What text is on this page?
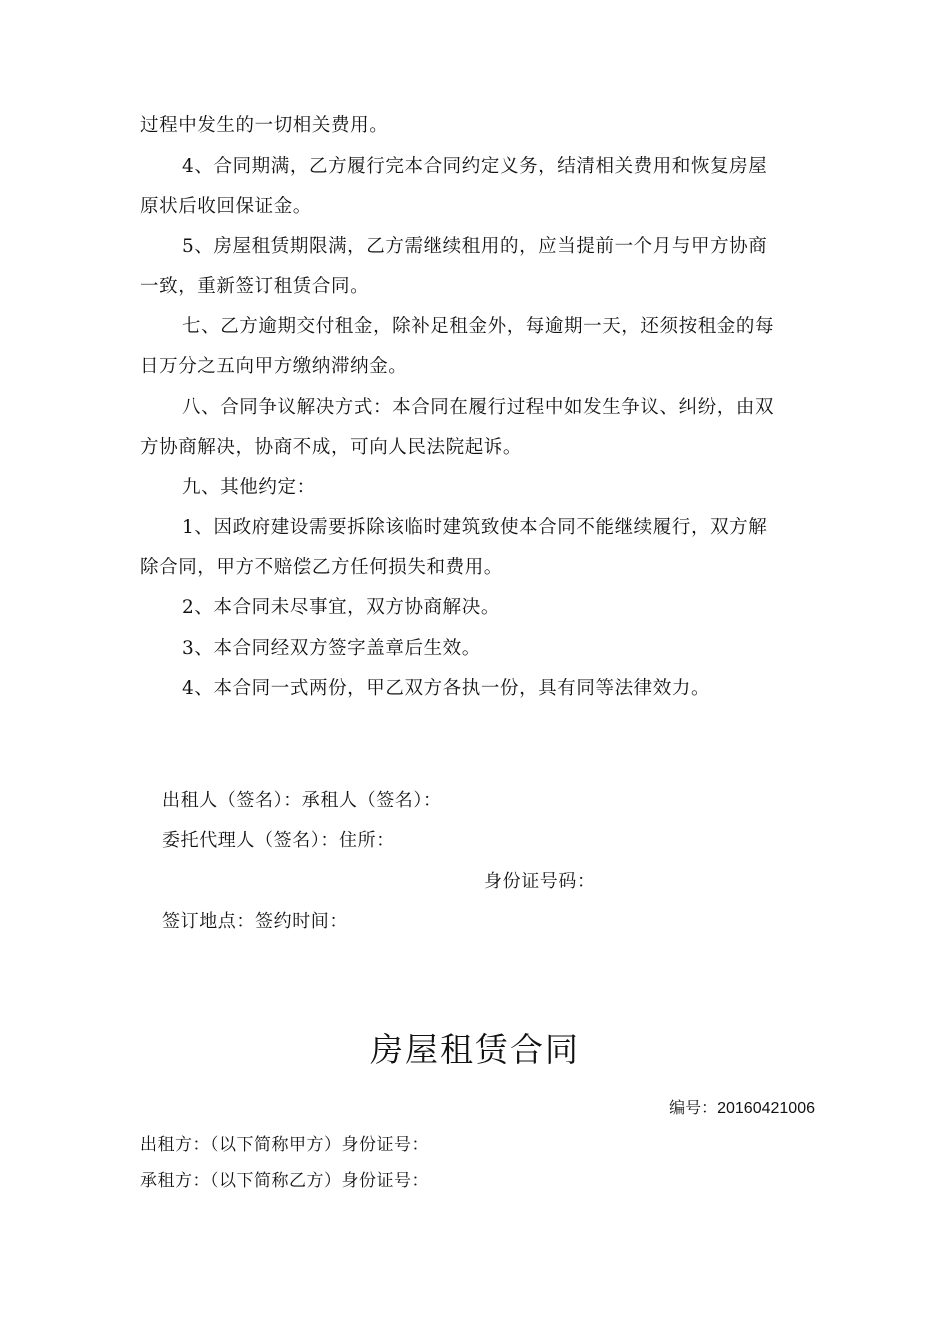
过程中发生的一切相关费用。
4、合同期满，乙方履行完本合同约定义务，结清相关费用和恢复房屋
原状后收回保证金。
5、房屋租赁期限满，乙方需继续租用的，应当提前一个月与甲方协商
一致，重新签订租赁合同。
七、乙方逾期交付租金，除补足租金外，每逾期一天，还须按租金的每
日万分之五向甲方缴纳滞纳金。
八、合同争议解决方式：本合同在履行过程中如发生争议、纠纷，由双
方协商解决，协商不成，可向人民法院起诉。
九、其他约定：
1、因政府建设需要拆除该临时建筑致使本合同不能继续履行，双方解
除合同，甲方不赔偿乙方任何损失和费用。
2、本合同未尽事宜，双方协商解决。
3、本合同经双方签字盖章后生效。
4、本合同一式两份，甲乙双方各执一份，具有同等法律效力。
出租人（签名）：承租人（签名）：
委托代理人（签名）：住所：
身份证号码：
签订地点：签约时间：
房屋租赁合同
编号：20160421006
出租方：（以下简称甲方）身份证号：
承租方：（以下简称乙方）身份证号：
